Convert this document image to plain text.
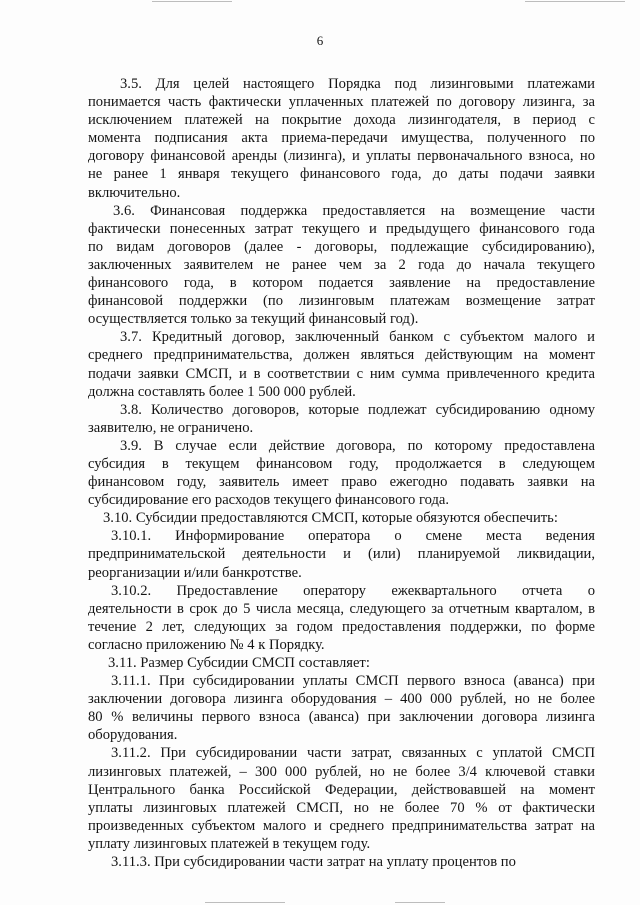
6
3.5. Для целей настоящего Порядка под лизинговыми платежами
понимается часть фактически уплаченных платежей по договору лизинга, за
исключением платежей на покрытие дохода лизингодателя, в период с
момента подписания акта приема-передачи имущества, полученного по
договору финансовой аренды (лизинга), и уплаты первоначального взноса, но
не ранее 1 января текущего финансового года, до даты подачи заявки
включительно.
3.6. Финансовая поддержка предоставляется на возмещение части
фактически понесенных затрат текущего и предыдущего финансового года
по видам договоров (далее - договоры, подлежащие субсидированию),
заключенных заявителем не ранее чем за 2 года до начала текущего
финансового года, в котором подается заявление на предоставление
финансовой поддержки (по лизинговым платежам возмещение затрат
осуществляется только за текущий финансовый год).
3.7. Кредитный договор, заключенный банком с субъектом малого и
среднего предпринимательства, должен являться действующим на момент
подачи заявки СМСП, и в соответствии с ним сумма привлеченного кредита
должна составлять более 1 500 000 рублей.
3.8. Количество договоров, которые подлежат субсидированию одному
заявителю, не ограничено.
3.9. В случае если действие договора, по которому предоставлена
субсидия в текущем финансовом году, продолжается в следующем
финансовом году, заявитель имеет право ежегодно подавать заявки на
субсидирование его расходов текущего финансового года.
3.10. Субсидии предоставляются СМСП, которые обязуются обеспечить:
3.10.1. Информирование оператора о смене места ведения
предпринимательской деятельности и (или) планируемой ликвидации,
реорганизации и/или банкротстве.
3.10.2. Предоставление оператору ежеквартального отчета о
деятельности в срок до 5 числа месяца, следующего за отчетным кварталом, в
течение 2 лет, следующих за годом предоставления поддержки, по форме
согласно приложению № 4 к Порядку.
3.11. Размер Субсидии СМСП составляет:
3.11.1. При субсидировании уплаты СМСП первого взноса (аванса) при
заключении договора лизинга оборудования – 400 000 рублей, но не более
80 % величины первого взноса (аванса) при заключении договора лизинга
оборудования.
3.11.2. При субсидировании части затрат, связанных с уплатой СМСП
лизинговых платежей, – 300 000 рублей, но не более 3/4 ключевой ставки
Центрального банка Российской Федерации, действовавшей на момент
уплаты лизинговых платежей СМСП, но не более 70 % от фактически
произведенных субъектом малого и среднего предпринимательства затрат на
уплату лизинговых платежей в текущем году.
3.11.3. При субсидировании части затрат на уплату процентов по
